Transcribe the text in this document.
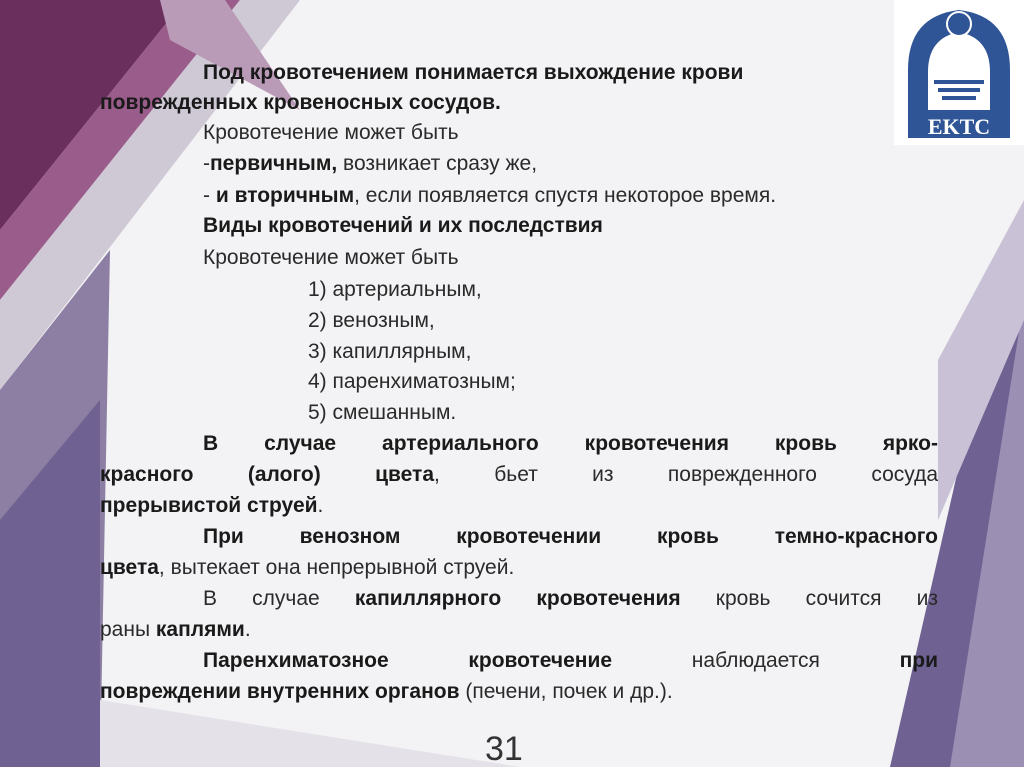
EKTC
Под кровотечением понимается выхождение крови
поврежденных кровеносных сосудов.
Кровотечение может быть
-первичным, возникает сразу же,
- и вторичным, если появляется спустя некоторое время.
Виды кровотечений и их последствия
Кровотечение может быть
1) артериальным,
2) венозным,
3) капиллярным,
4) паренхиматозным;
5) смешанным.
В случае артериального кровотечения кровь ярко-
красного (алого) цвета, бьет из поврежденного сосуда
прерывистой струей.
При венозном кровотечении кровь темно-красного
цвета, вытекает она непрерывной струей.
В случае капиллярного кровотечения кровь сочится из
раны каплями.
Паренхиматозное кровотечение наблюдается при
повреждении внутренних органов (печени, почек и др.).
31
